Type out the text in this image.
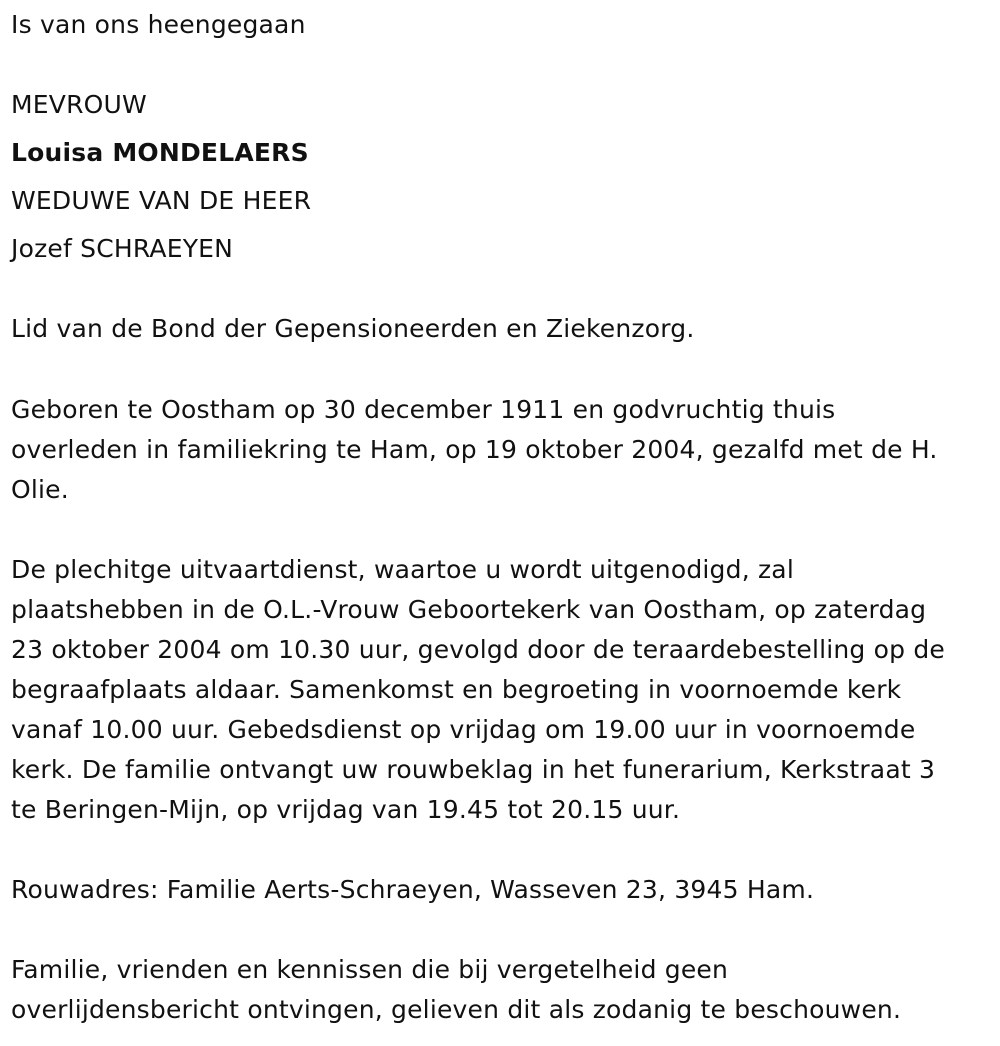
Is van ons heengegaan
MEVROUW
Louisa MONDELAERS
WEDUWE VAN DE HEER
Jozef SCHRAEYEN
Lid van de Bond der Gepensioneerden en Ziekenzorg.
Geboren te Oostham op 30 december 1911 en godvruchtig thuis
overleden in familiekring te Ham, op 19 oktober 2004, gezalfd met de H.
Olie.
De plechitge uitvaartdienst, waartoe u wordt uitgenodigd, zal
plaatshebben in de O.L.-Vrouw Geboortekerk van Oostham, op zaterdag
23 oktober 2004 om 10.30 uur, gevolgd door de teraardebestelling op de
begraafplaats aldaar. Samenkomst en begroeting in voornoemde kerk
vanaf 10.00 uur. Gebedsdienst op vrijdag om 19.00 uur in voornoemde
kerk. De familie ontvangt uw rouwbeklag in het funerarium, Kerkstraat 3
te Beringen-Mijn, op vrijdag van 19.45 tot 20.15 uur.
Rouwadres: Familie Aerts-Schraeyen, Wasseven 23, 3945 Ham.
Familie, vrienden en kennissen die bij vergetelheid geen
overlijdensbericht ontvingen, gelieven dit als zodanig te beschouwen.
